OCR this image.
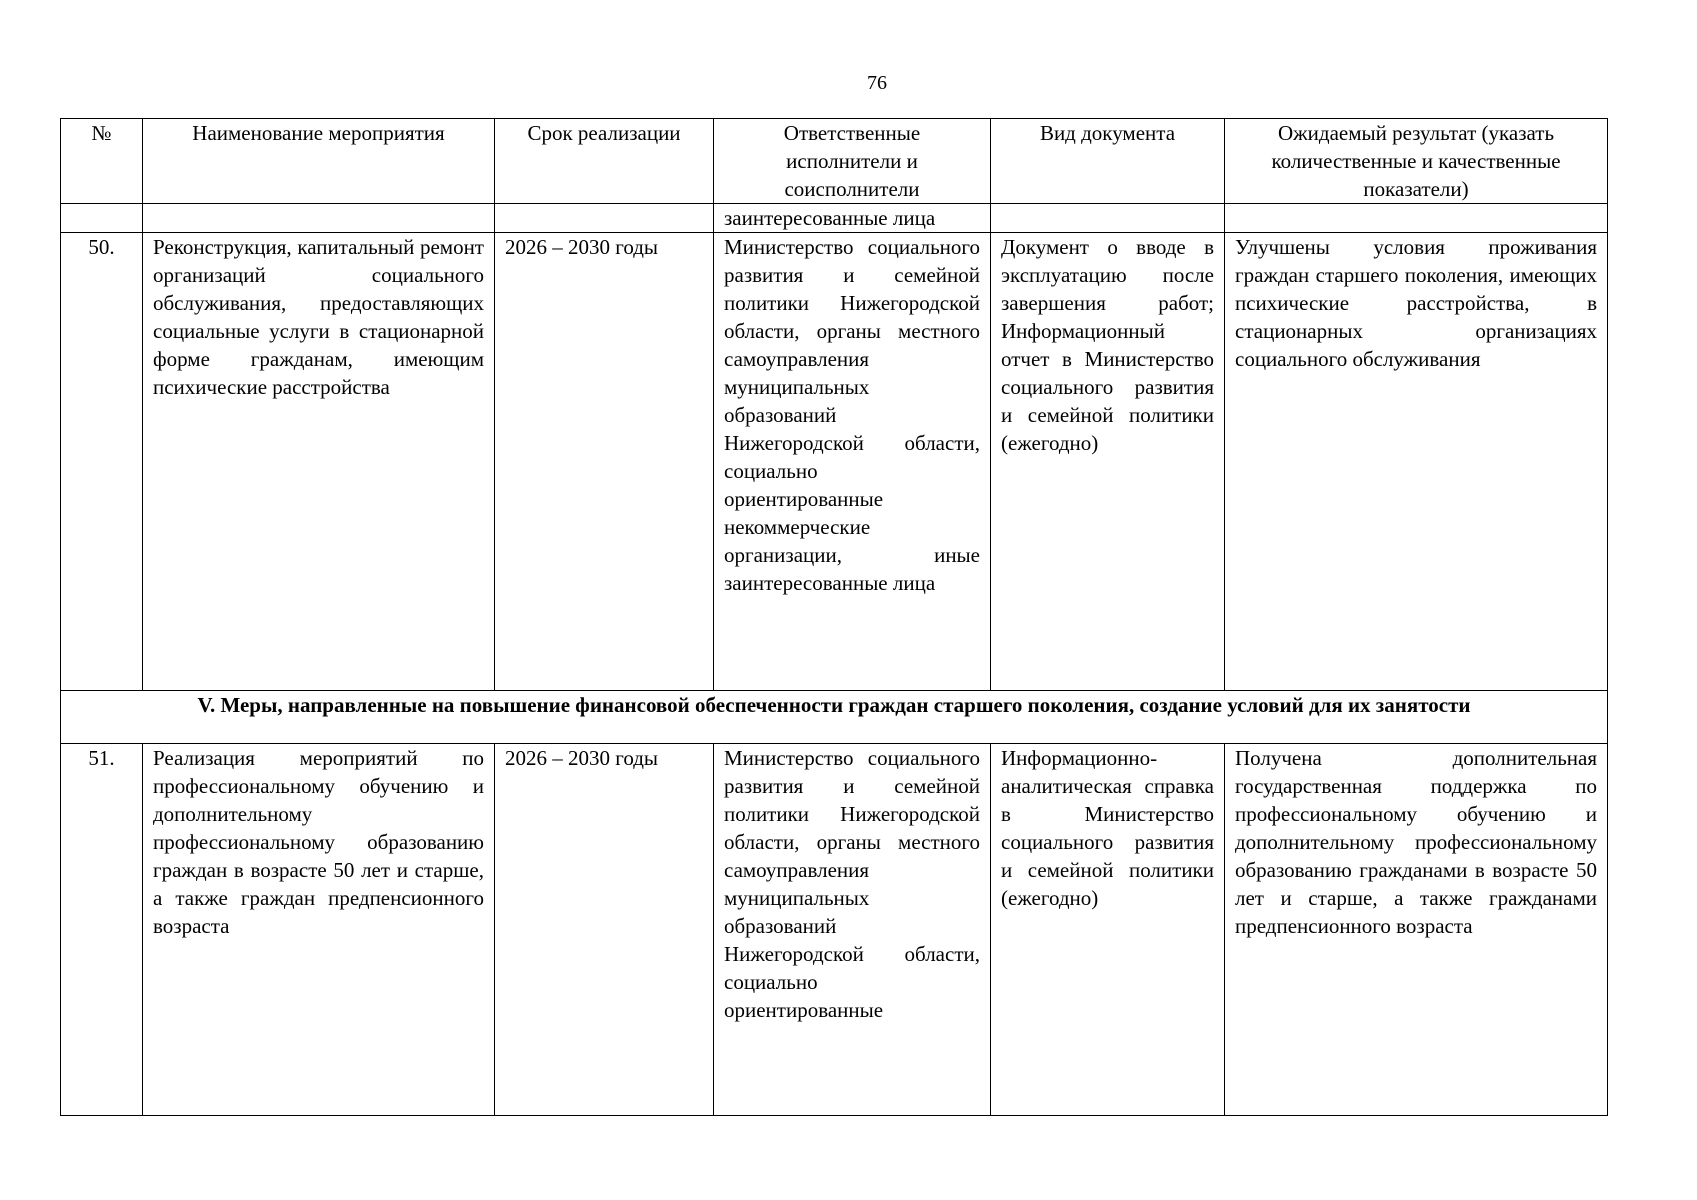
76
№	Наименование мероприятия	Срок реализации	Ответственные исполнители и соисполнители	Вид документа	Ожидаемый результат (указать количественные и качественные показатели)
			заинтересованные лица		
50.	Реконструкция, капитальный ремонт организаций социального обслуживания, предоставляющих социальные услуги в стационарной форме гражданам, имеющим психические расстройства	2026 – 2030 годы	Министерство социального развития и семейной политики Нижегородской области, органы местного самоуправления муниципальных образований Нижегородской области, социально ориентированные некоммерческие организации, иные заинтересованные лица	Документ о вводе в эксплуатацию после завершения работ; Информационный отчет в Министерство социального развития и семейной политики (ежегодно)	Улучшены условия проживания граждан старшего поколения, имеющих психические расстройства, в стационарных организациях социального обслуживания
V. Меры, направленные на повышение финансовой обеспеченности граждан старшего поколения, создание условий для их занятости					
51.	Реализация мероприятий по профессиональному обучению и дополнительному профессиональному образованию граждан в возрасте 50 лет и старше, а также граждан предпенсионного возраста	2026 – 2030 годы	Министерство социального развития и семейной политики Нижегородской области, органы местного самоуправления муниципальных образований Нижегородской области, социально ориентированные	Информационно-аналитическая справка в Министерство социального развития и семейной политики (ежегодно)	Получена дополнительная государственная поддержка по профессиональному обучению и дополнительному профессиональному образованию гражданами в возрасте 50 лет и старше, а также гражданами предпенсионного возраста
